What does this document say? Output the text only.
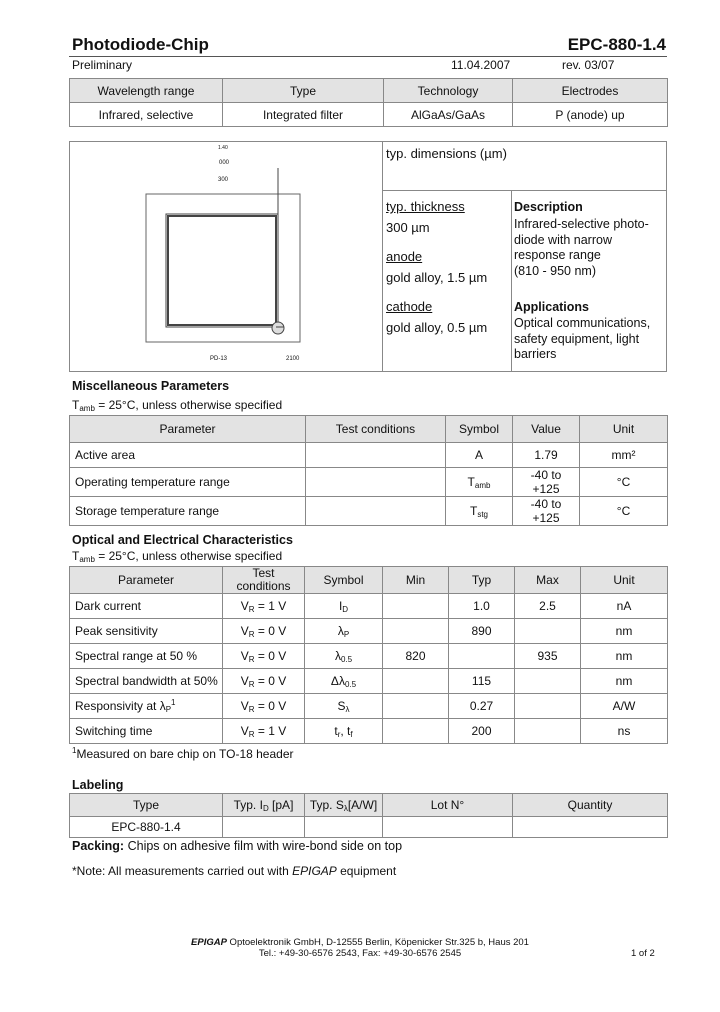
Photodiode-Chip	EPC-880-1.4
Preliminary	11.04.2007	rev. 03/07
Wavelength range	Type	Technology	Electrodes
Infrared, selective	Integrated filter	AlGaAs/GaAs	P (anode) up
1.40
000
300
PD-13	2100
typ. dimensions (µm)
typ. thickness
300 µm
anode
gold alloy, 1.5 µm
cathode
gold alloy, 0.5 µm
Description
Infrared-selective photo-
diode with narrow
response range
(810 - 950 nm)
Applications
Optical communications,
safety equipment, light
barriers
Miscellaneous Parameters
$T_{amb} = 25^\circ C$, unless otherwise specified
Parameter	Test conditions	Symbol	Value	Unit
Active area		A	1.79	mm²
Operating temperature range		$T_{amb}$	-40 to +125	°C
Storage temperature range		$T_{stg}$	-40 to +125	°C
Optical and Electrical Characteristics
$T_{amb} = 25^\circ C$, unless otherwise specified
Parameter	Test conditions	Symbol	Min	Typ	Max	Unit
Dark current	$V_R = 1$ V	$I_D$		1.0	2.5	nA
Peak sensitivity	$V_R = 0$ V	$\lambda_P$		890		nm
Spectral range at 50 %	$V_R = 0$ V	$\lambda_{0.5}$	820		935	nm
Spectral bandwidth at 50%	$V_R = 0$ V	$\Delta\lambda_{0.5}$		115		nm
Responsivity at $\lambda_P^1$	$V_R = 0$ V	$S_\lambda$		0.27		A/W
Switching time	$V_R = 1$ V	$t_r$, $t_f$		200		ns
$^1$Measured on bare chip on TO-18 header
Labeling
Type	Typ. $I_D$ [pA]	Typ. $S_\lambda[A/W]$	Lot N°	Quantity
EPC-880-1.4				
Packing: Chips on adhesive film with wire-bond side on top
*Note: All measurements carried out with EPIGAP equipment
EPIGAP Optoelektronik GmbH, D-12555 Berlin, Köpenicker Str.325 b, Haus 201
Tel.: +49-30-6576 2543, Fax: +49-30-6576 2545	1 of 2
